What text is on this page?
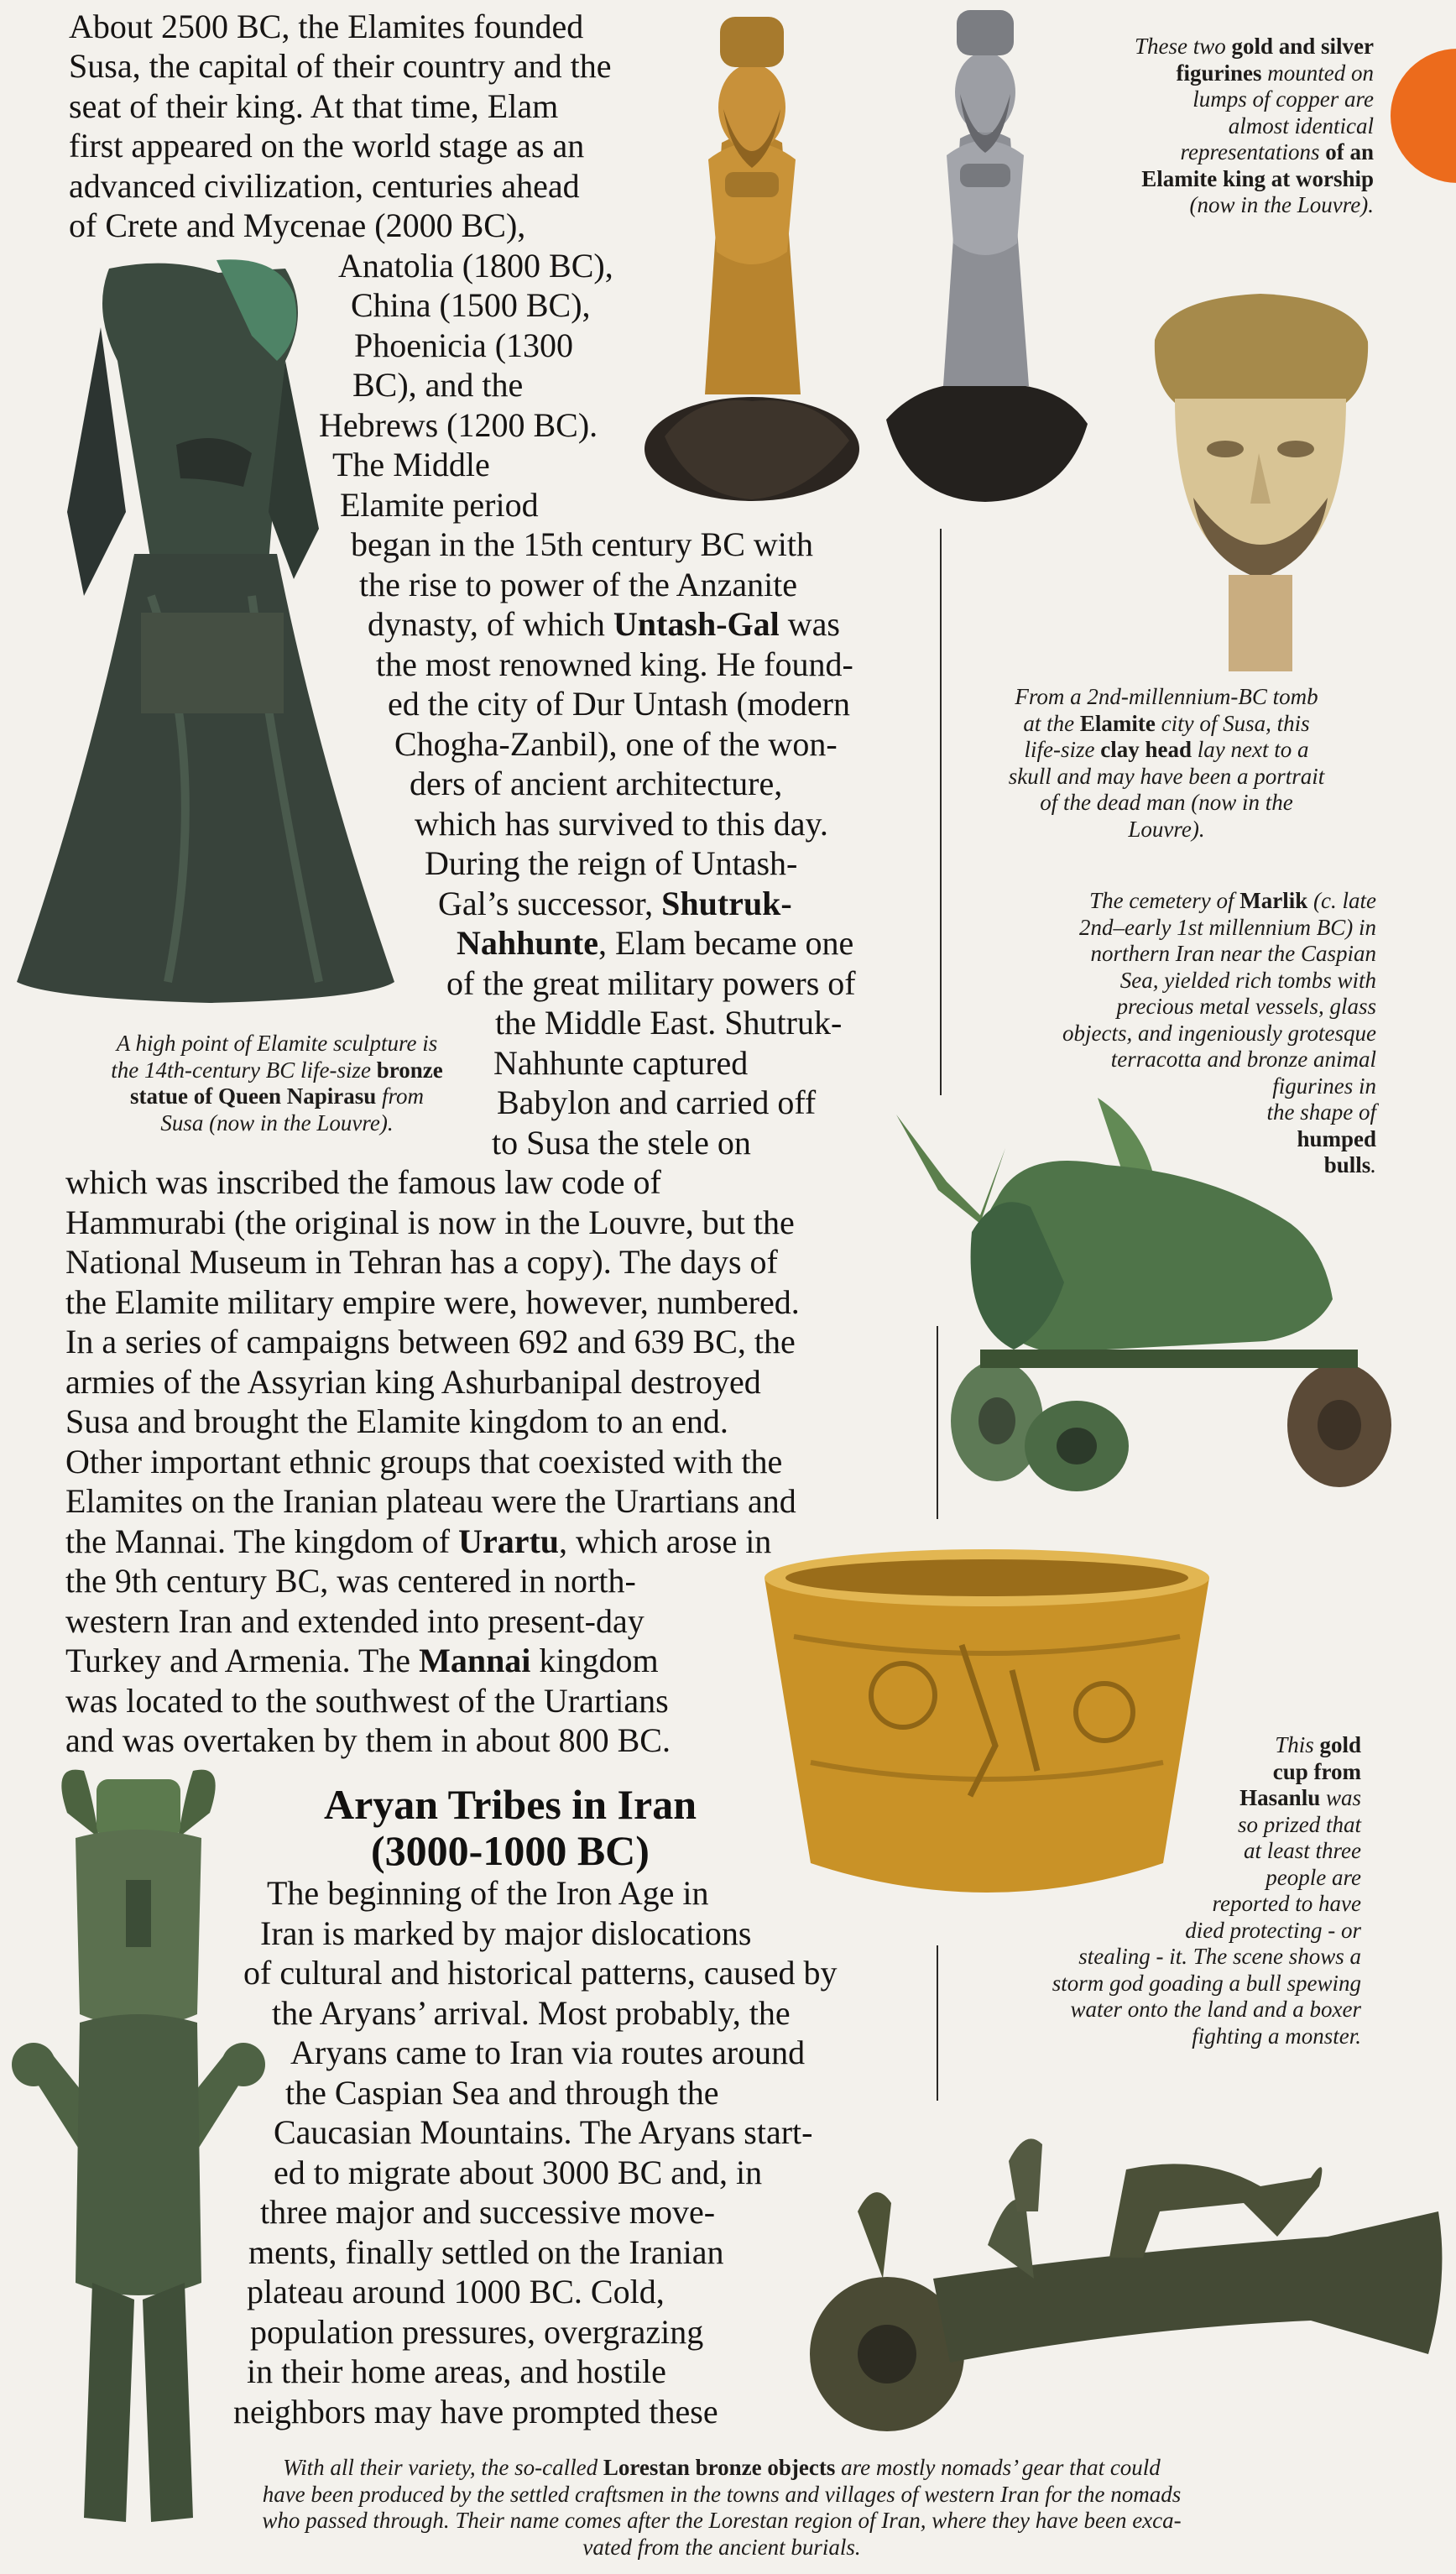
About 2500 BC, the Elamites founded
Susa, the capital of their country and the
seat of their king. At that time, Elam
first appeared on the world stage as an
advanced civilization, centuries ahead
of Crete and Mycenae (2000 BC),
Anatolia (1800 BC),
China (1500 BC),
Phoenicia (1300
BC), and the
Hebrews (1200 BC).
The Middle
Elamite period
began in the 15th century BC with
the rise to power of the Anzanite
dynasty, of which Untash-Gal was
the most renowned king. He found-
ed the city of Dur Untash (modern
Chogha-Zanbil), one of the won-
ders of ancient architecture,
which has survived to this day.
During the reign of Untash-
Gal’s successor, Shutruk-
Nahhunte, Elam became one
of the great military powers of
the Middle East. Shutruk-
Nahhunte captured
Babylon and carried off
to Susa the stele on
which was inscribed the famous law code of
Hammurabi (the original is now in the Louvre, but the
National Museum in Tehran has a copy). The days of
the Elamite military empire were, however, numbered.
In a series of campaigns between 692 and 639 BC, the
armies of the Assyrian king Ashurbanipal destroyed
Susa and brought the Elamite kingdom to an end.
Other important ethnic groups that coexisted with the
Elamites on the Iranian plateau were the Urartians and
the Mannai. The kingdom of Urartu, which arose in
the 9th century BC, was centered in north-
western Iran and extended into present-day
Turkey and Armenia. The Mannai kingdom
was located to the southwest of the Urartians
and was overtaken by them in about 800 BC.
Aryan Tribes in Iran
(3000-1000 BC)
The beginning of the Iron Age in
Iran is marked by major dislocations
of cultural and historical patterns, caused by
the Aryans’ arrival. Most probably, the
Aryans came to Iran via routes around
the Caspian Sea and through the
Caucasian Mountains. The Aryans start-
ed to migrate about 3000 BC and, in
three major and successive move-
ments, finally settled on the Iranian
plateau around 1000 BC. Cold,
population pressures, overgrazing
in their home areas, and hostile
neighbors may have prompted these
These two gold and silver
figurines mounted on
lumps of copper are
almost identical
representations of an
Elamite king at worship
(now in the Louvre).
From a 2nd-millennium-BC tomb
at the Elamite city of Susa, this
life-size clay head lay next to a
skull and may have been a portrait
of the dead man (now in the
Louvre).
The cemetery of Marlik (c. late
2nd–early 1st millennium BC) in
northern Iran near the Caspian
Sea, yielded rich tombs with
precious metal vessels, glass
objects, and ingeniously grotesque
terracotta and bronze animal
figurines in
the shape of
humped
bulls.
A high point of Elamite sculpture is
the 14th-century BC life-size bronze
statue of Queen Napirasu from
Susa (now in the Louvre).
This gold
cup from
Hasanlu was
so prized that
at least three
people are
reported to have
died protecting - or
stealing - it. The scene shows a
storm god goading a bull spewing
water onto the land and a boxer
fighting a monster.
With all their variety, the so-called Lorestan bronze objects are mostly nomads’ gear that could
have been produced by the settled craftsmen in the towns and villages of western Iran for the nomads
who passed through. Their name comes after the Lorestan region of Iran, where they have been exca-
vated from the ancient burials.
